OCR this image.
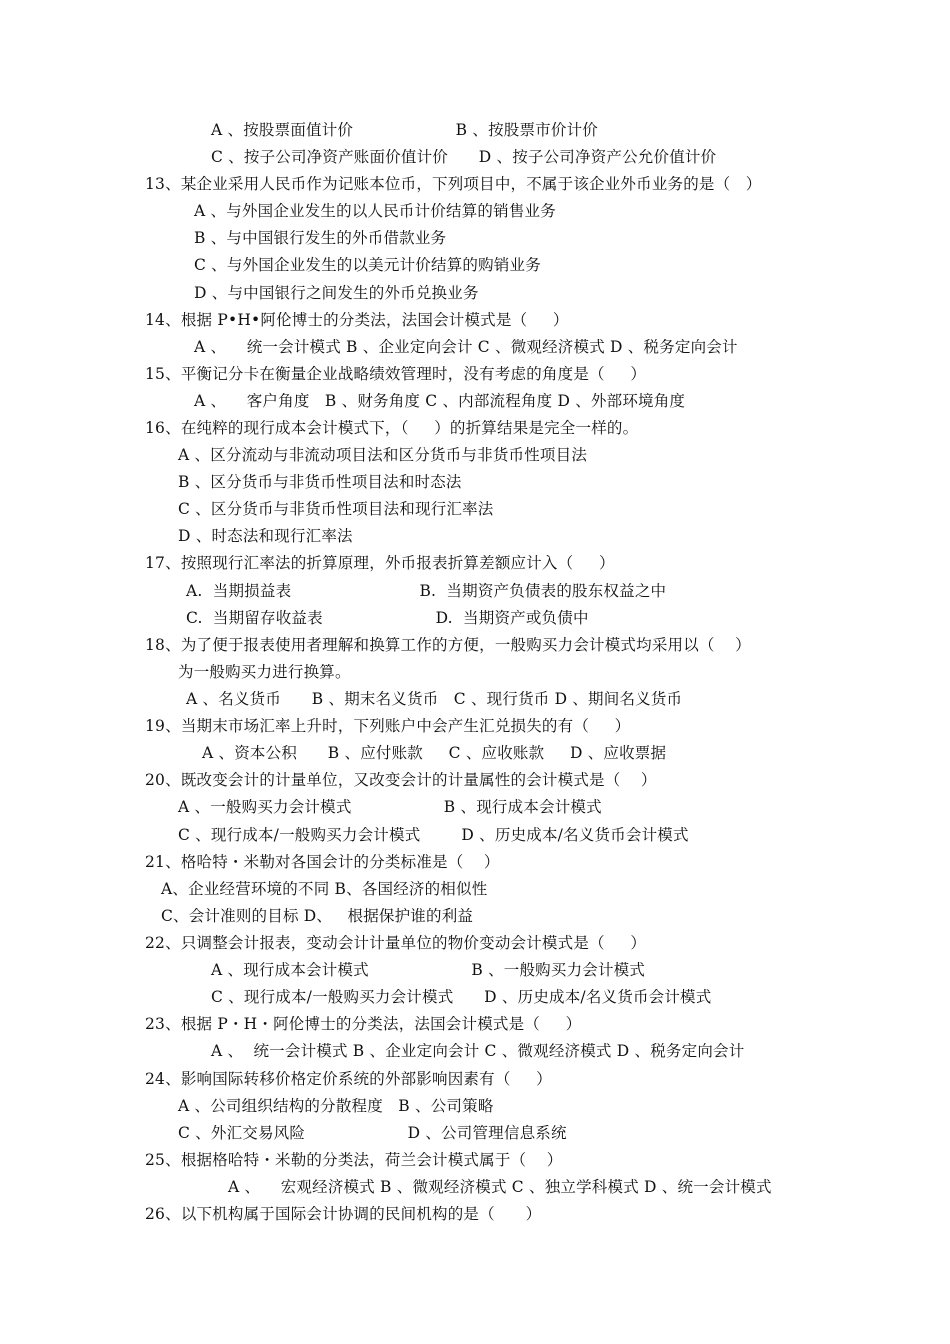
A 、按股票面值计价                    B 、按股票市价计价
C 、按子公司净资产账面价值计价      D 、按子公司净资产公允价值计价
13、某企业采用人民币作为记账本位币，下列项目中，不属于该企业外币业务的是（   ）
A 、与外国企业发生的以人民币计价结算的销售业务
B 、与中国银行发生的外币借款业务
C 、与外国企业发生的以美元计价结算的购销业务
D 、与中国银行之间发生的外币兑换业务
14、根据 P•H•阿伦博士的分类法，法国会计模式是（     ）
A 、    统一会计模式 B 、企业定向会计 C 、微观经济模式 D 、税务定向会计
15、平衡记分卡在衡量企业战略绩效管理时，没有考虑的角度是（     ）
A 、    客户角度   B 、财务角度 C 、内部流程角度 D 、外部环境角度
16、在纯粹的现行成本会计模式下，（     ）的折算结果是完全一样的。
A 、区分流动与非流动项目法和区分货币与非货币性项目法
B 、区分货币与非货币性项目法和时态法
C 、区分货币与非货币性项目法和现行汇率法
D 、时态法和现行汇率法
17、按照现行汇率法的折算原理，外币报表折算差额应计入（     ）
A.  当期损益表                         B.  当期资产负债表的股东权益之中
C.  当期留存收益表                      D.  当期资产或负债中
18、为了便于报表使用者理解和换算工作的方便，一般购买力会计模式均采用以（    ）
为一般购买力进行换算。
A 、名义货币      B 、期末名义货币   C 、现行货币 D 、期间名义货币
19、当期末市场汇率上升时，下列账户中会产生汇兑损失的有（     ）
A 、资本公积      B 、应付账款     C 、应收账款     D 、应收票据
20、既改变会计的计量单位，又改变会计的计量属性的会计模式是（    ）
A 、一般购买力会计模式                  B 、现行成本会计模式
C 、现行成本/一般购买力会计模式        D 、历史成本/名义货币会计模式
21、格哈特・米勒对各国会计的分类标准是（    ）
A、企业经营环境的不同 B、各国经济的相似性
C、会计准则的目标 D、   根据保护谁的利益
22、只调整会计报表，变动会计计量单位的物价变动会计模式是（     ）
A 、现行成本会计模式                    B 、一般购买力会计模式
C 、现行成本/一般购买力会计模式      D 、历史成本/名义货币会计模式
23、根据 P・H・阿伦博士的分类法，法国会计模式是（     ）
A 、  统一会计模式 B 、企业定向会计 C 、微观经济模式 D 、税务定向会计
24、影响国际转移价格定价系统的外部影响因素有（     ）
A 、公司组织结构的分散程度   B 、公司策略
C 、外汇交易风险                    D 、公司管理信息系统
25、根据格哈特・米勒的分类法，荷兰会计模式属于（    ）
A 、    宏观经济模式 B 、微观经济模式 C 、独立学科模式 D 、统一会计模式
26、以下机构属于国际会计协调的民间机构的是（      ）
